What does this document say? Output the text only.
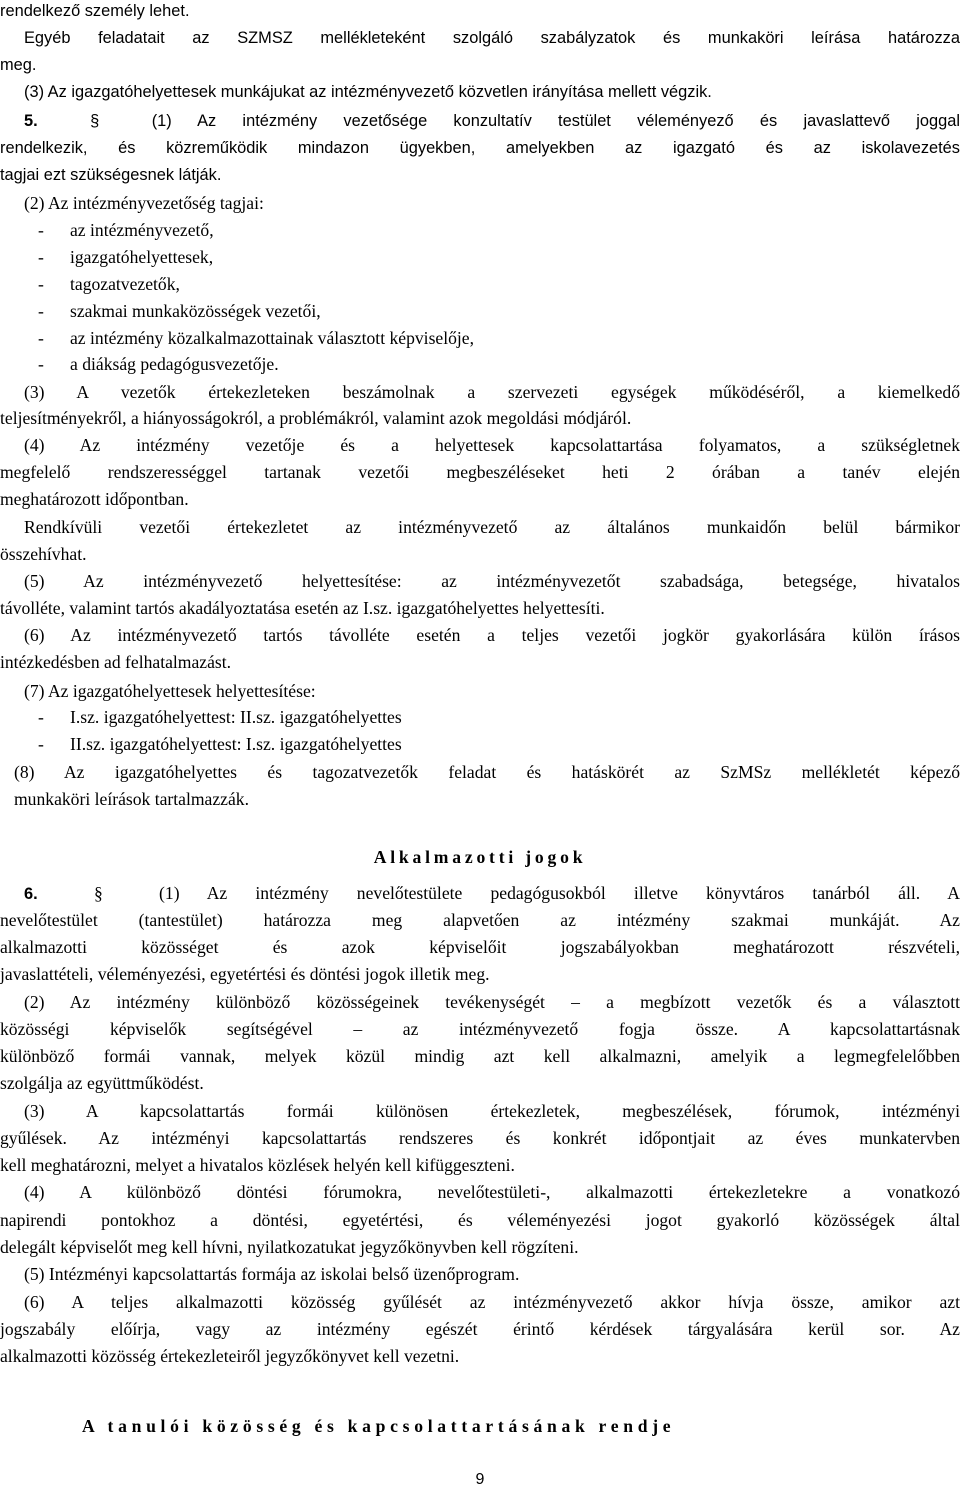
rendelkező személy lehet.

Egyéb feladatait az SZMSZ mellékleteként szolgáló szabályzatok és munkaköri leírása határozza

meg.

(3) Az igazgatóhelyettesek munkájukat az intézményvezető közvetlen irányítása mellett végzik.

5.  §  (1) Az intézmény vezetősége konzultatív testület véleményező és javaslattevő joggal

rendelkezik, és közreműködik mindazon ügyekben, amelyekben az igazgató és az iskolavezetés

tagjai ezt szükségesnek látják.

(2) Az intézményvezetőség tagjai:

- az intézményvezető,

- igazgatóhelyettesek,

- tagozatvezetők,

- szakmai munkaközösségek vezetői,

- az intézmény közalkalmazottainak választott képviselője,

- a diákság pedagógusvezetője.

(3) A vezetők értekezleteken beszámolnak a szervezeti egységek működéséről, a kiemelkedő

teljesítményekről, a hiányosságokról, a problémákról, valamint azok megoldási módjáról.

(4) Az intézmény vezetője és a helyettesek kapcsolattartása folyamatos, a szükségletnek

megfelelő rendszerességgel tartanak vezetői megbeszéléseket heti 2 órában a tanév elején

meghatározott időpontban.

Rendkívüli vezetői értekezletet az intézményvezető az általános munkaidőn belül bármikor

összehívhat.

(5) Az intézményvezető helyettesítése: az intézményvezetőt szabadsága, betegsége, hivatalos

távolléte, valamint tartós akadályoztatása esetén az I.sz. igazgatóhelyettes helyettesíti.

(6) Az intézményvezető tartós távolléte esetén a teljes vezetői jogkör gyakorlására külön írásos

intézkedésben ad felhatalmazást.

(7) Az igazgatóhelyettesek helyettesítése:

- I.sz. igazgatóhelyettest: II.sz. igazgatóhelyettes

- II.sz. igazgatóhelyettest: I.sz. igazgatóhelyettes

(8) Az igazgatóhelyettes és tagozatvezetők feladat és hatáskörét az SzMSz mellékletét képező

munkaköri leírások tartalmazzák.

Alkalmazotti jogok

6.  §  (1) Az intézmény nevelőtestülete pedagógusokból illetve könyvtáros tanárból áll. A

nevelőtestület (tantestület) határozza meg alapvetően az intézmény szakmai munkáját. Az

alkalmazotti közösséget és azok képviselőit jogszabályokban meghatározott részvételi,

javaslattételi, véleményezési, egyetértési és döntési jogok illetik meg.

(2) Az intézmény különböző közösségeinek tevékenységét – a megbízott vezetők és a választott

közösségi képviselők segítségével – az intézményvezető fogja össze. A kapcsolattartásnak

különböző formái vannak, melyek közül mindig azt kell alkalmazni, amelyik a legmegfelelőbben

szolgálja az együttműködést.

(3) A kapcsolattartás formái különösen értekezletek, megbeszélések, fórumok, intézményi

gyűlések. Az intézményi kapcsolattartás rendszeres és konkrét időpontjait az éves munkatervben

kell meghatározni, melyet a hivatalos közlések helyén kell kifüggeszteni.

(4) A különböző döntési fórumokra, nevelőtestületi-, alkalmazotti értekezletekre a vonatkozó

napirendi pontokhoz a döntési, egyetértési, és véleményezési jogot gyakorló közösségek által

delegált képviselőt meg kell hívni, nyilatkozatukat jegyzőkönyvben kell rögzíteni.

(5) Intézményi kapcsolattartás formája az iskolai belső üzenőprogram.

(6) A teljes alkalmazotti közösség gyűlését az intézményvezető akkor hívja össze, amikor azt

jogszabály előírja, vagy az intézmény egészét érintő kérdések tárgyalására kerül sor. Az

alkalmazotti közösség értekezleteiről jegyzőkönyvet kell vezetni.

A tanulói közösség és kapcsolattartásának rendje

9
